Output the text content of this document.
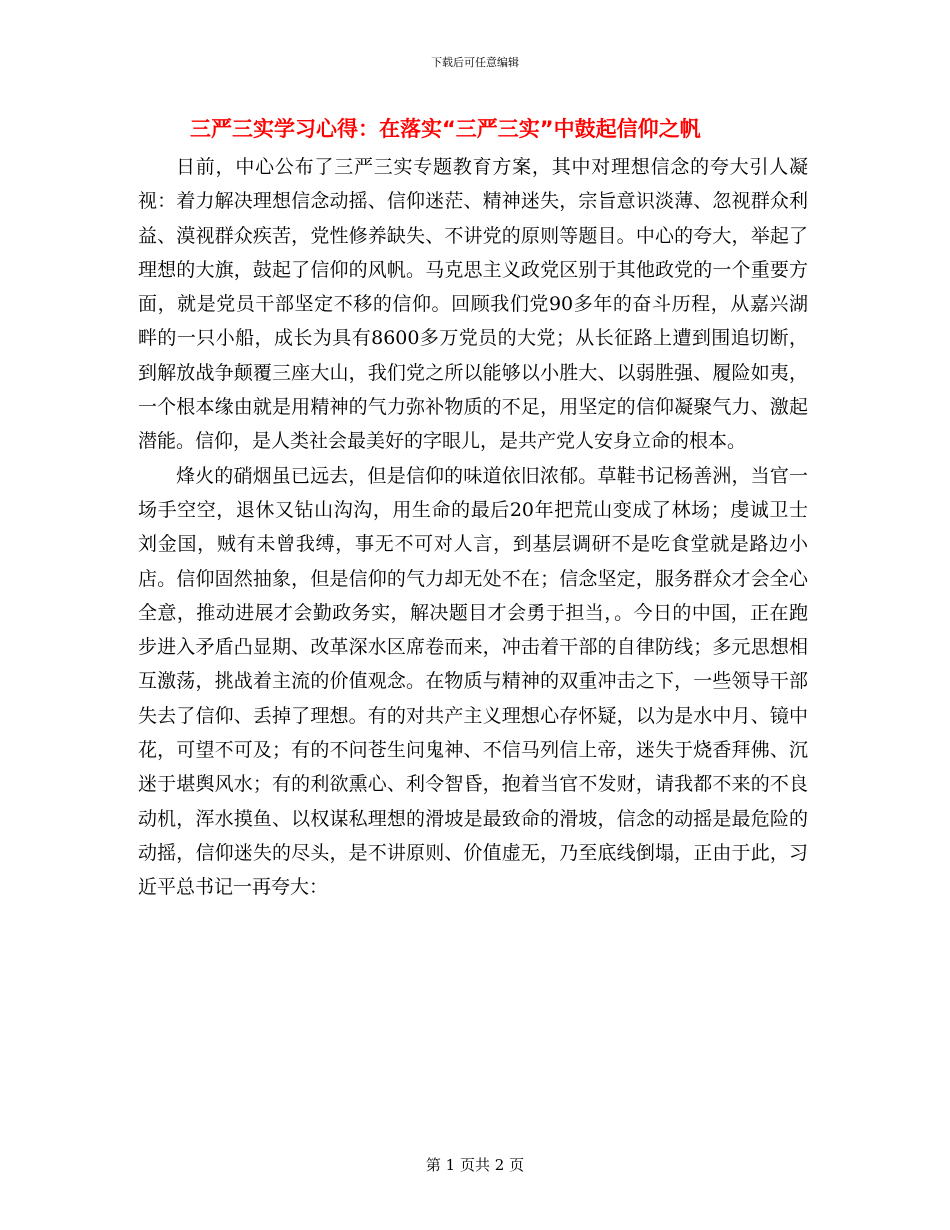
下载后可任意编辑
三严三实学习心得：在落实“三严三实”中鼓起信仰之帆

日前，中心公布了三严三实专题教育方案，其中对理想信念的夸大引人凝视：着力解决理想信念动摇、信仰迷茫、精神迷失，宗旨意识淡薄、忽视群众利益、漠视群众疾苦，党性修养缺失、不讲党的原则等题目。中心的夸大，举起了理想的大旗，鼓起了信仰的风帆。马克思主义政党区别于其他政党的一个重要方面，就是党员干部坚定不移的信仰。回顾我们党90多年的奋斗历程，从嘉兴湖畔的一只小船，成长为具有8600多万党员的大党；从长征路上遭到围追切断，到解放战争颠覆三座大山，我们党之所以能够以小胜大、以弱胜强、履险如夷，一个根本缘由就是用精神的气力弥补物质的不足，用坚定的信仰凝聚气力、激起潜能。信仰，是人类社会最美好的字眼儿，是共产党人安身立命的根本。

烽火的硝烟虽已远去，但是信仰的味道依旧浓郁。草鞋书记杨善洲，当官一场手空空，退休又钻山沟沟，用生命的最后20年把荒山变成了林场；虔诚卫士刘金国，贼有未曾我缚，事无不可对人言，到基层调研不是吃食堂就是路边小店。信仰固然抽象，但是信仰的气力却无处不在；信念坚定，服务群众才会全心全意，推动进展才会勤政务实，解决题目才会勇于担当，。今日的中国，正在跑步进入矛盾凸显期、改革深水区席卷而来，冲击着干部的自律防线；多元思想相互激荡，挑战着主流的价值观念。在物质与精神的双重冲击之下，一些领导干部失去了信仰、丢掉了理想。有的对共产主义理想心存怀疑，以为是水中月、镜中花，可望不可及；有的不问苍生问鬼神、不信马列信上帝，迷失于烧香拜佛、沉迷于堪舆风水；有的利欲熏心、利令智昏，抱着当官不发财，请我都不来的不良动机，浑水摸鱼、以权谋私理想的滑坡是最致命的滑坡，信念的动摇是最危险的动摇，信仰迷失的尽头，是不讲原则、价值虚无，乃至底线倒塌，正由于此，习近平总书记一再夸大：

第 1 页共 2 页
